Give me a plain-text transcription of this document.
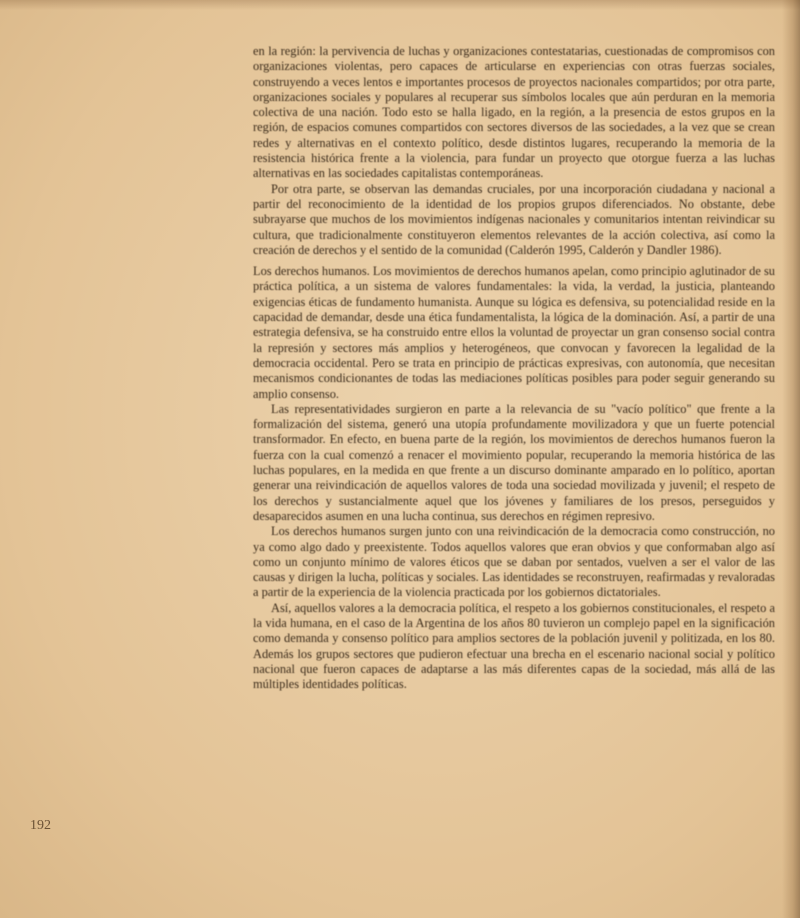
en la región: la pervivencia de luchas y organizaciones contestatarias, cuestionadas de compromisos con organizaciones violentas, pero capaces de articularse en experiencias con otras fuerzas sociales, construyendo a veces lentos e importantes procesos de proyectos nacionales compartidos; por otra parte, organizaciones sociales y populares al recuperar sus símbolos locales que aún perduran en la memoria colectiva de una nación. Todo esto se halla ligado, en la región, a la presencia de estos grupos en la región, de espacios comunes compartidos con sectores diversos de las sociedades, a la vez que se crean redes y alternativas en el contexto político, desde distintos lugares, recuperando la memoria de la resistencia histórica frente a la violencia, para fundar un proyecto que otorgue fuerza a las luchas alternativas en las sociedades capitalistas contemporáneas.

Por otra parte, se observan las demandas cruciales, por una incorporación ciudadana y nacional a partir del reconocimiento de la identidad de los propios grupos diferenciados. No obstante, debe subrayarse que muchos de los movimientos indígenas nacionales y comunitarios intentan reivindicar su cultura, que tradicionalmente constituyeron elementos relevantes de la acción colectiva, así como la creación de derechos y el sentido de la comunidad (Calderón 1995, Calderón y Dandler 1986).

Los derechos humanos. Los movimientos de derechos humanos apelan, como principio aglutinador de su práctica política, a un sistema de valores fundamentales: la vida, la verdad, la justicia, planteando exigencias éticas de fundamento humanista. Aunque su lógica es defensiva, su potencialidad reside en la capacidad de demandar, desde una ética fundamentalista, la lógica de la dominación. Así, a partir de una estrategia defensiva, se ha construido entre ellos la voluntad de proyectar un gran consenso social contra la represión y sectores más amplios y heterogéneos, que convocan y favorecen la legalidad de la democracia occidental. Pero se trata en principio de prácticas expresivas, con autonomía, que necesitan mecanismos condicionantes de todas las mediaciones políticas posibles para poder seguir generando su amplio consenso.

Las representatividades surgieron en parte a la relevancia de su "vacío político" que frente a la formalización del sistema, generó una utopía profundamente movilizadora y que un fuerte potencial transformador. En efecto, en buena parte de la región, los movimientos de derechos humanos fueron la fuerza con la cual comenzó a renacer el movimiento popular, recuperando la memoria histórica de las luchas populares, en la medida en que frente a un discurso dominante amparado en lo político, aportan generar una reivindicación de aquellos valores de toda una sociedad movilizada y juvenil; el respeto de los derechos y sustancialmente aquel que los jóvenes y familiares de los presos, perseguidos y desaparecidos asumen en una lucha continua, sus derechos en régimen represivo.

Los derechos humanos surgen junto con una reivindicación de la democracia como construcción, no ya como algo dado y preexistente. Todos aquellos valores que eran obvios y que conformaban algo así como un conjunto mínimo de valores éticos que se daban por sentados, vuelven a ser el valor de las causas y dirigen la lucha, políticas y sociales. Las identidades se reconstruyen, reafirmadas y revaloradas a partir de la experiencia de la violencia practicada por los gobiernos dictatoriales.

Así, aquellos valores a la democracia política, el respeto a los gobiernos constitucionales, el respeto a la vida humana, en el caso de la Argentina de los años 80 tuvieron un complejo papel en la significación como demanda y consenso político para amplios sectores de la población juvenil y politizada, en los 80. Además los grupos sectores que pudieron efectuar una brecha en el escenario nacional social y político nacional que fueron capaces de adaptarse a las más diferentes capas de la sociedad, más allá de las múltiples identidades políticas.

192
